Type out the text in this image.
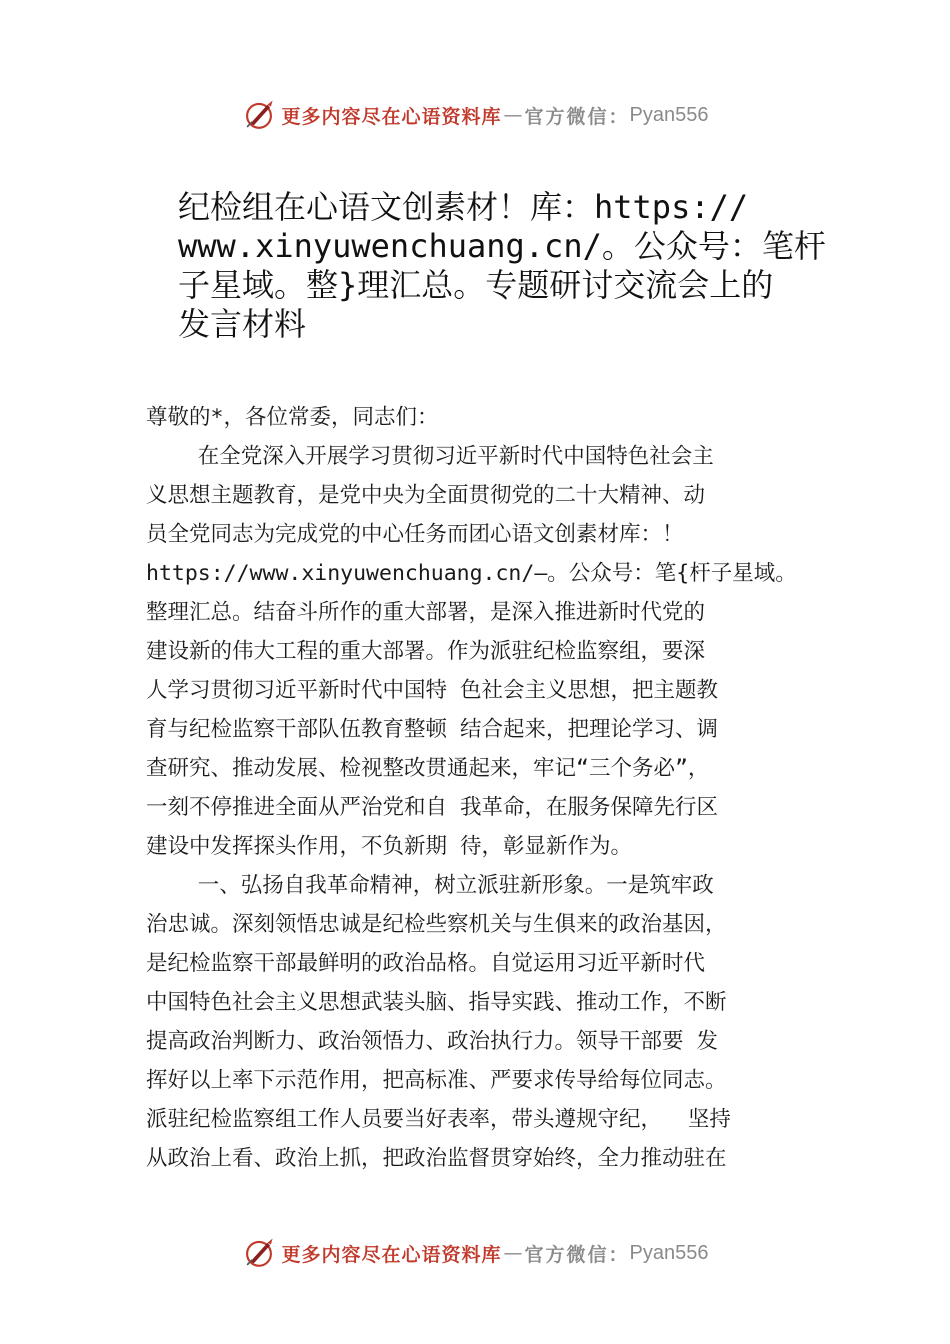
更多内容尽在心语资料库 — 官方微信： Pyan556
纪检组在心语文创素材！库：https://
www.xinyuwenchuang.cn/。公众号：笔杆
子星域。整}理汇总。专题研讨交流会上的
发言材料
尊敬的*，各位常委，同志们：
在全党深入开展学习贯彻习近平新时代中国特色社会主
义思想主题教育，是党中央为全面贯彻党的二十大精神、动
员全党同志为完成党的中心任务而团心语文创素材库：！
https://www.xinyuwenchuang.cn/—。公众号：笔{杆子星域。
整理汇总。结奋斗所作的重大部署，是深入推进新时代党的
建设新的伟大工程的重大部署。作为派驻纪检监察组，要深
人学习贯彻习近平新时代中国特 色社会主义思想，把主题教
育与纪检监察干部队伍教育整顿 结合起来，把理论学习、调
查研究、推动发展、检视整改贯通起来，牢记“三个务必”，
一刻不停推进全面从严治党和自 我革命，在服务保障先行区
建设中发挥探头作用，不负新期 待，彰显新作为。
一、弘扬自我革命精神，树立派驻新形象。一是筑牢政
治忠诚。深刻领悟忠诚是纪检些察机关与生俱来的政治基因，
是纪检监察干部最鲜明的政治品格。自觉运用习近平新时代
中国特色社会主义思想武装头脑、指导实践、推动工作，不断
提高政治判断力、政治领悟力、政治执行力。领导干部要 发
挥好以上率下示范作用，把高标准、严要求传导给每位同志。
派驻纪检监察组工作人员要当好表率，带头遵规守纪，  坚持
从政治上看、政治上抓，把政治监督贯穿始终，全力推动驻在
更多内容尽在心语资料库 — 官方微信： Pyan556
